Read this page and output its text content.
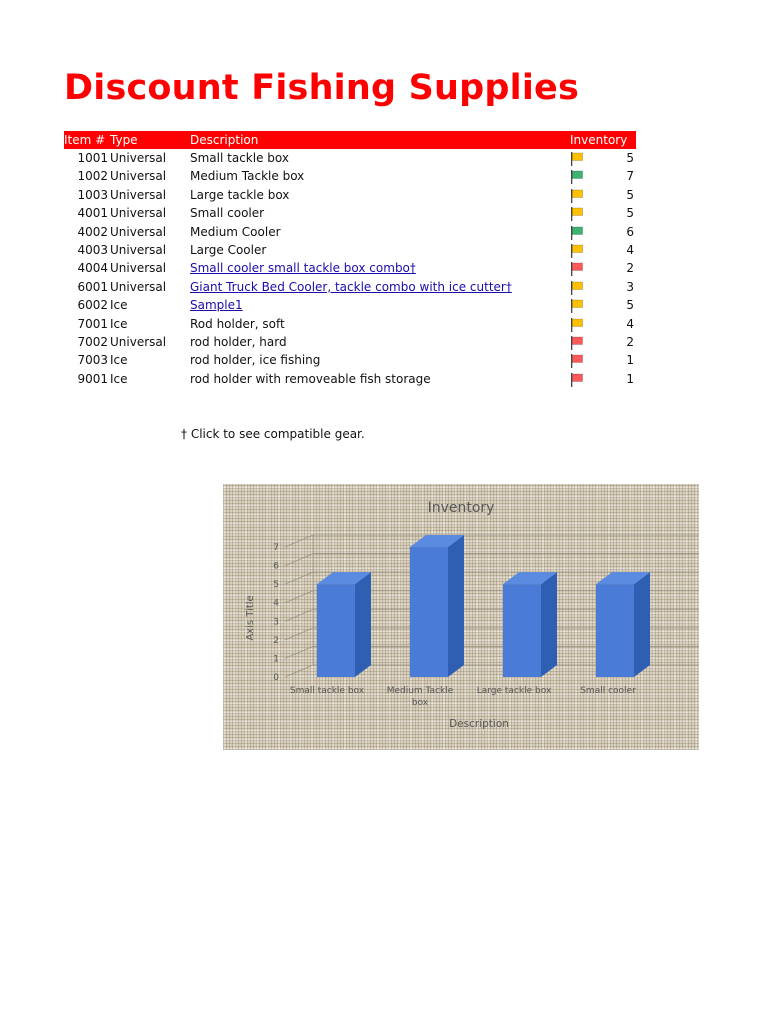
Discount Fishing Supplies
Item # Type	Description	Inventory
1001 Universal Small tackle box	5
1002 Universal Medium Tackle box	7
1003 Universal Large tackle box	5
4001 Universal Small cooler	5
4002 Universal Medium Cooler	6
4003 Universal Large Cooler	4
4004 Universal Small cooler small tackle box combo†	2
6001 Universal Giant Truck Bed Cooler, tackle combo with ice cutter†	3
6002 Ice	Sample1	5
7001 Ice	Rod holder, soft	4
7002 Universal rod holder, hard	2
7003 Ice	rod holder, ice fishing	1
9001 Ice	rod holder with removeable fish storage	1
† Click to see compatible gear.
0
1
2
3
4
5
6
7
Small tackle box	Medium Tackle box
Large tackle box	Small cooler
Inventory
Description
Axis Title
